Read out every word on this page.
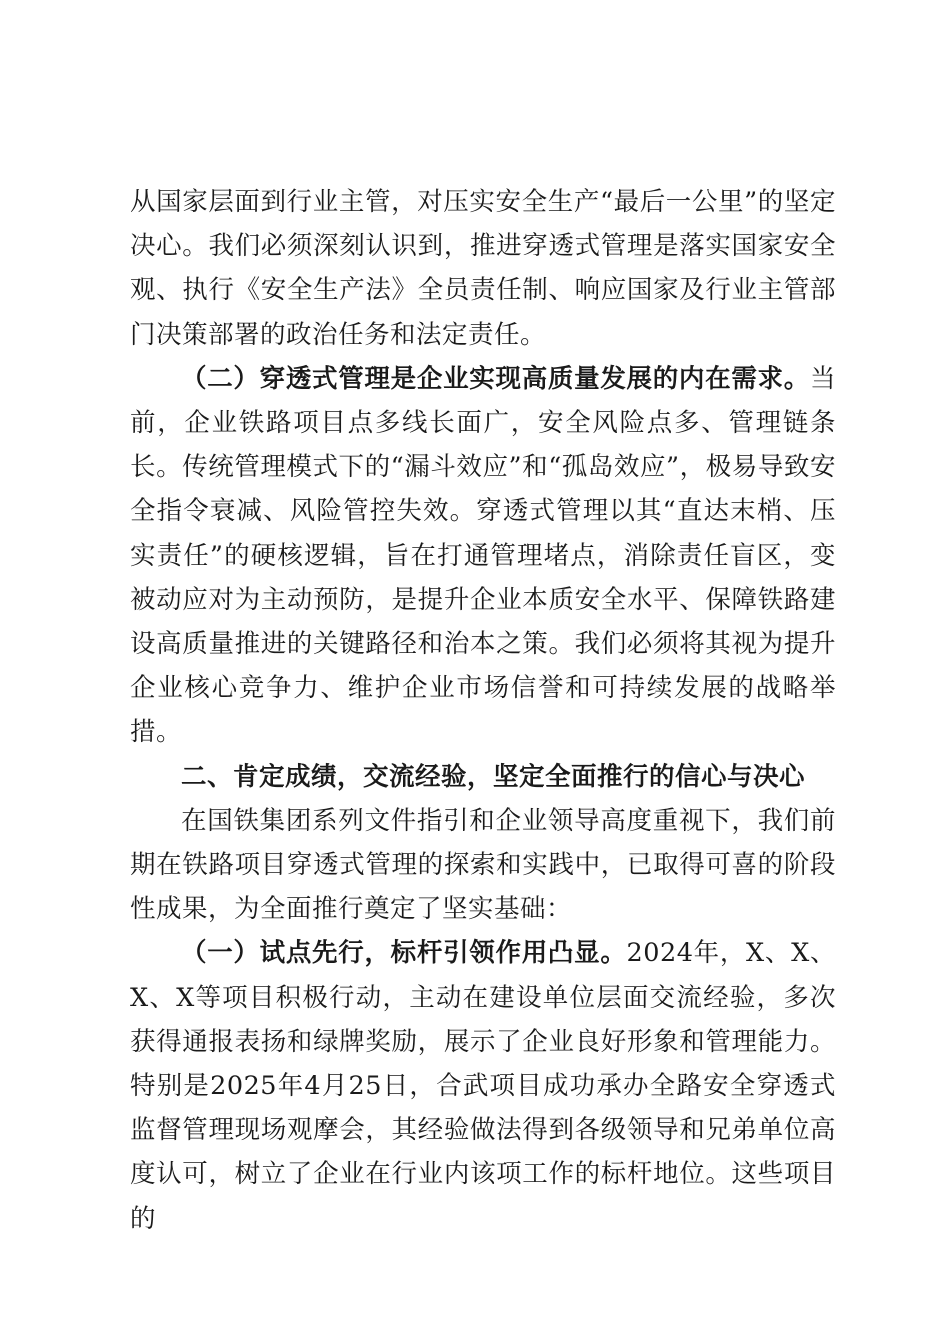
从国家层面到行业主管，对压实安全生产“最后一公里”的坚定决心。我们必须深刻认识到，推进穿透式管理是落实国家安全观、执行《安全生产法》全员责任制、响应国家及行业主管部门决策部署的政治任务和法定责任。

（二）穿透式管理是企业实现高质量发展的内在需求。当前，企业铁路项目点多线长面广，安全风险点多、管理链条长。传统管理模式下的“漏斗效应”和“孤岛效应”，极易导致安全指令衰减、风险管控失效。穿透式管理以其“直达末梢、压实责任”的硬核逻辑，旨在打通管理堵点，消除责任盲区，变被动应对为主动预防，是提升企业本质安全水平、保障铁路建设高质量推进的关键路径和治本之策。我们必须将其视为提升企业核心竞争力、维护企业市场信誉和可持续发展的战略举措。

二、肯定成绩，交流经验，坚定全面推行的信心与决心

在国铁集团系列文件指引和企业领导高度重视下，我们前期在铁路项目穿透式管理的探索和实践中，已取得可喜的阶段性成果，为全面推行奠定了坚实基础：

（一）试点先行，标杆引领作用凸显。2024年，X、X、X、X等项目积极行动，主动在建设单位层面交流经验，多次获得通报表扬和绿牌奖励，展示了企业良好形象和管理能力。特别是2025年4月25日，合武项目成功承办全路安全穿透式监督管理现场观摩会，其经验做法得到各级领导和兄弟单位高度认可，树立了企业在行业内该项工作的标杆地位。这些项目的
